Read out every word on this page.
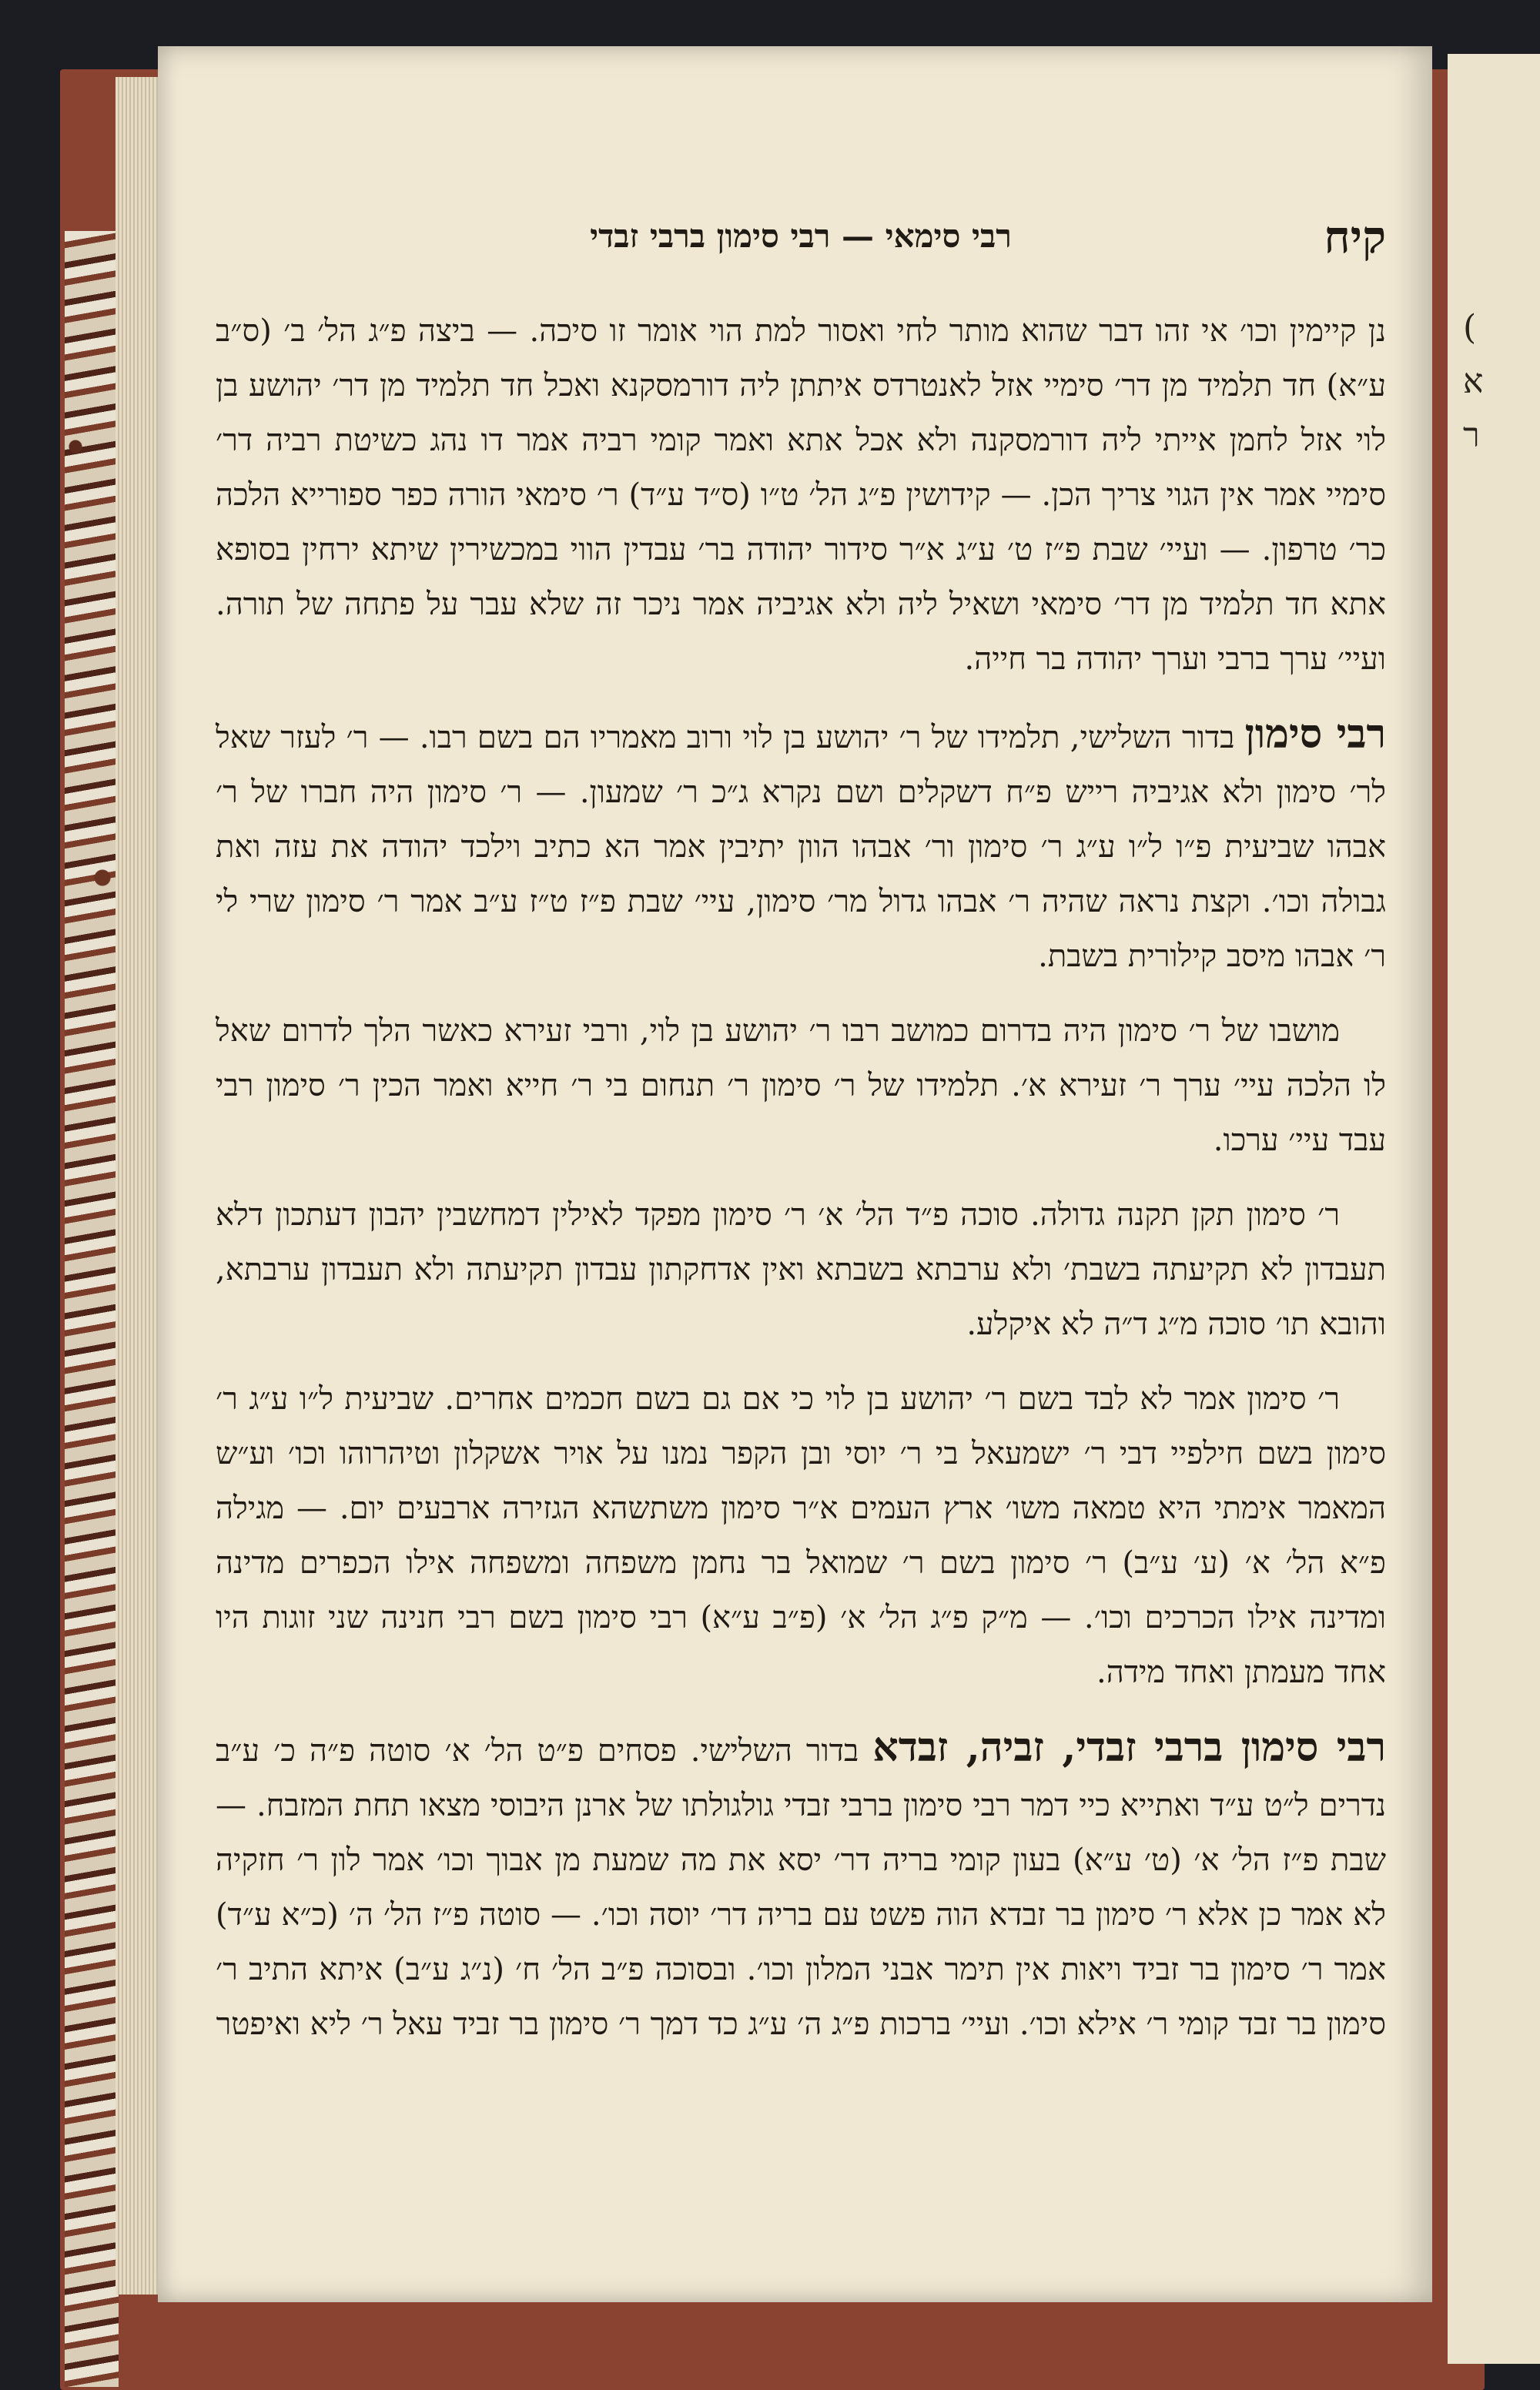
(
א
ר
קיח
רבי סימאי — רבי סימון ברבי זבדי

נן קיימין וכו׳ אי זהו דבר שהוא מותר לחי ואסור למת הוי אומר זו סיכה. — ביצה פ״ג הל׳ ב׳ (ס״ב ע״א) חד תלמיד מן דר׳ סימיי אזל לאנטרדס איתתן ליה דורמסקנא ואכל חד תלמיד מן דר׳ יהושע בן לוי אזל לחמן אייתי ליה דורמסקנה ולא אכל אתא ואמר קומי רביה אמר דו נהג כשיטת רביה דר׳ סימיי אמר אין הגוי צריך הכן. — קידושין פ״ג הל׳ ט״ו (ס״ד ע״ד) ר׳ סימאי הורה כפר ספורייא הלכה כר׳ טרפון. — ועיי׳ שבת פ״ז ט׳ ע״ג א״ר סידור יהודה בר׳ עבדין הווי במכשירין שיתא ירחין בסופא אתא חד תלמיד מן דר׳ סימאי ושאיל ליה ולא אגיביה אמר ניכר זה שלא עבר על פתחה של תורה. ועיי׳ ערך ברבי וערך יהודה בר חייה.

רבי סימון בדור השלישי, תלמידו של ר׳ יהושע בן לוי ורוב מאמריו הם בשם רבו. — ר׳ לעזר שאל לר׳ סימון ולא אגיביה רייש פ״ח דשקלים ושם נקרא ג״כ ר׳ שמעון. — ר׳ סימון היה חברו של ר׳ אבהו שביעית פ״ו ל״ו ע״ג ר׳ סימון ור׳ אבהו הוון יתיבין אמר הא כתיב וילכד יהודה את עזה ואת גבולה וכו׳. וקצת נראה שהיה ר׳ אבהו גדול מר׳ סימון, עיי׳ שבת פ״ז ט״ז ע״ב אמר ר׳ סימון שרי לי ר׳ אבהו מיסב קילורית בשבת.

מושבו של ר׳ סימון היה בדרום כמושב רבו ר׳ יהושע בן לוי, ורבי זעירא כאשר הלך לדרום שאל לו הלכה עיי׳ ערך ר׳ זעירא א׳. תלמידו של ר׳ סימון ר׳ תנחום בי ר׳ חייא ואמר הכין ר׳ סימון רבי עבד עיי׳ ערכו.

ר׳ סימון תקן תקנה גדולה. סוכה פ״ד הל׳ א׳ ר׳ סימון מפקד לאילין דמחשבין יהבון דעתכון דלא תעבדון לא תקיעתה בשבת׳ ולא ערבתא בשבתא ואין אדחקתון עבדון תקיעתה ולא תעבדון ערבתא, והובא תו׳ סוכה מ״ג ד״ה לא איקלע.

ר׳ סימון אמר לא לבד בשם ר׳ יהושע בן לוי כי אם גם בשם חכמים אחרים. שביעית ל״ו ע״ג ר׳ סימון בשם חילפיי דבי ר׳ ישמעאל בי ר׳ יוסי ובן הקפר נמנו על אויר אשקלון וטיהרוהו וכו׳ וע״ש המאמר אימתי היא טמאה משו׳ ארץ העמים א״ר סימון משתשהא הגזירה ארבעים יום. — מגילה פ״א הל׳ א׳ (ע׳ ע״ב) ר׳ סימון בשם ר׳ שמואל בר נחמן משפחה ומשפחה אילו הכפרים מדינה ומדינה אילו הכרכים וכו׳. — מ״ק פ״ג הל׳ א׳ (פ״ב ע״א) רבי סימון בשם רבי חנינה שני זוגות היו אחד מעמתן ואחד מידה.

רבי סימון ברבי זבדי, זביה, זבדא בדור השלישי. פסחים פ״ט הל׳ א׳ סוטה פ״ה כ׳ ע״ב נדרים ל״ט ע״ד ואתייא כיי דמר רבי סימון ברבי זבדי גולגולתו של ארנן היבוסי מצאו תחת המזבח. — שבת פ״ז הל׳ א׳ (ט׳ ע״א) בעון קומי בריה דר׳ יסא את מה שמעת מן אבוך וכו׳ אמר לון ר׳ חזקיה לא אמר כן אלא ר׳ סימון בר זבדא הוה פשט עם בריה דר׳ יוסה וכו׳. — סוטה פ״ז הל׳ ה׳ (כ״א ע״ד) אמר ר׳ סימון בר זביד ויאות אין תימר אבני המלון וכו׳. ובסוכה פ״ב הל׳ ח׳ (נ״ג ע״ב) איתא התיב ר׳ סימון בר זבד קומי ר׳ אילא וכו׳. ועיי׳ ברכות פ״ג ה׳ ע״ג כד דמך ר׳ סימון בר זביד עאל ר׳ ליא ואיפטר
